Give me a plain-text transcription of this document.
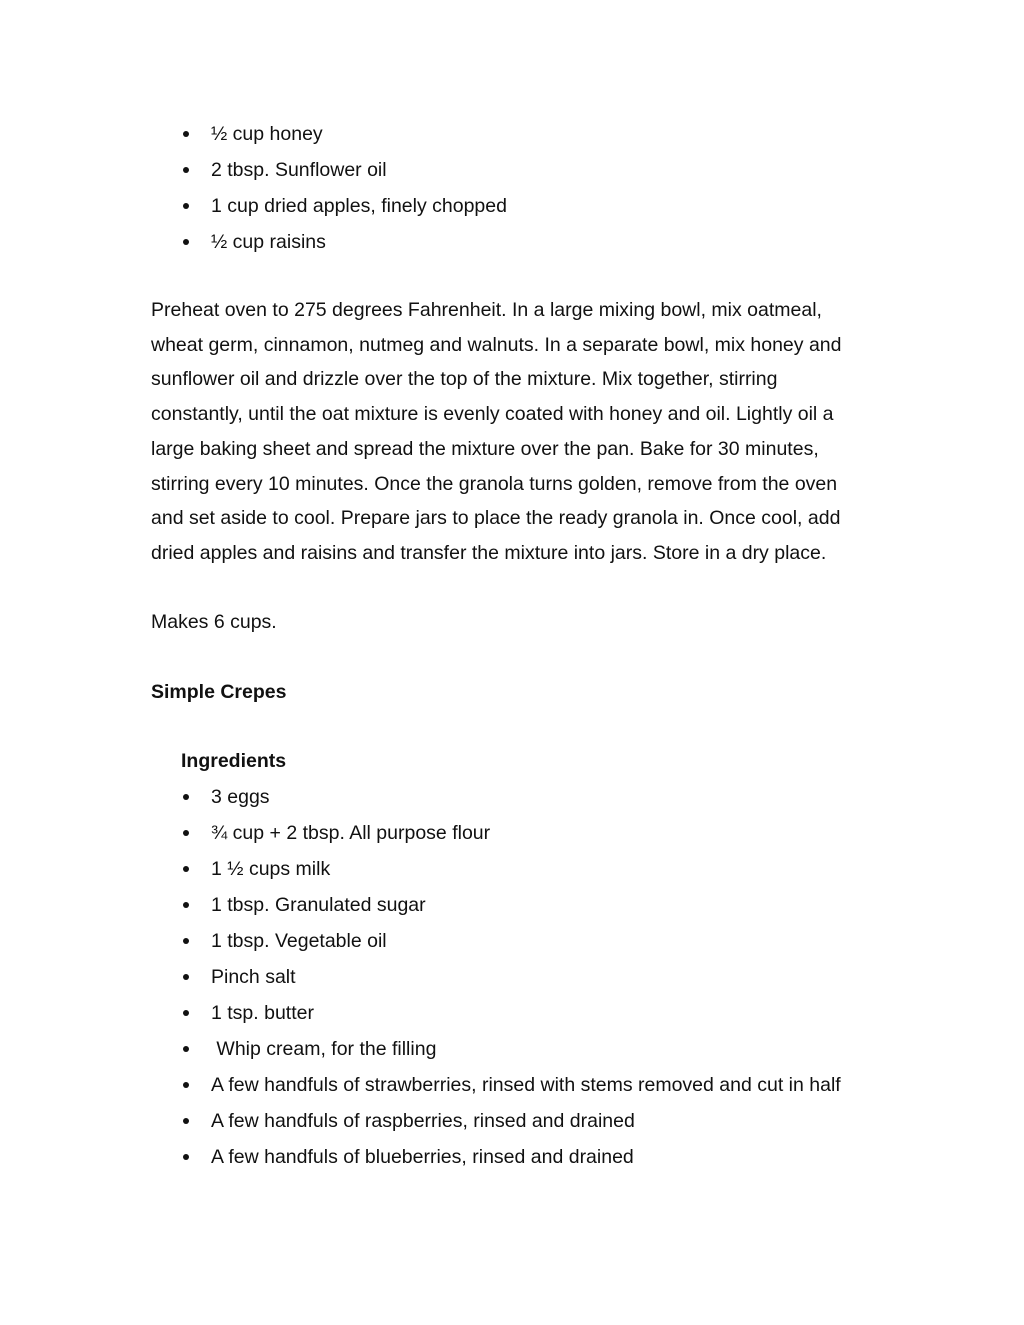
½ cup honey
2 tbsp. Sunflower oil
1 cup dried apples, finely chopped
½ cup raisins
Preheat oven to 275 degrees Fahrenheit. In a large mixing bowl, mix oatmeal,
wheat germ, cinnamon, nutmeg and walnuts. In a separate bowl, mix honey and
sunflower oil and drizzle over the top of the mixture. Mix together, stirring
constantly, until the oat mixture is evenly coated with honey and oil. Lightly oil a
large baking sheet and spread the mixture over the pan. Bake for 30 minutes,
stirring every 10 minutes. Once the granola turns golden, remove from the oven
and set aside to cool. Prepare jars to place the ready granola in. Once cool, add
dried apples and raisins and transfer the mixture into jars. Store in a dry place.

Makes 6 cups.

Simple Crepes
Ingredients
3 eggs
¾ cup + 2 tbsp. All purpose flour
1 ½ cups milk
1 tbsp. Granulated sugar
1 tbsp. Vegetable oil
Pinch salt
1 tsp. butter
Whip cream, for the filling
A few handfuls of strawberries, rinsed with stems removed and cut in half
A few handfuls of raspberries, rinsed and drained
A few handfuls of blueberries, rinsed and drained
